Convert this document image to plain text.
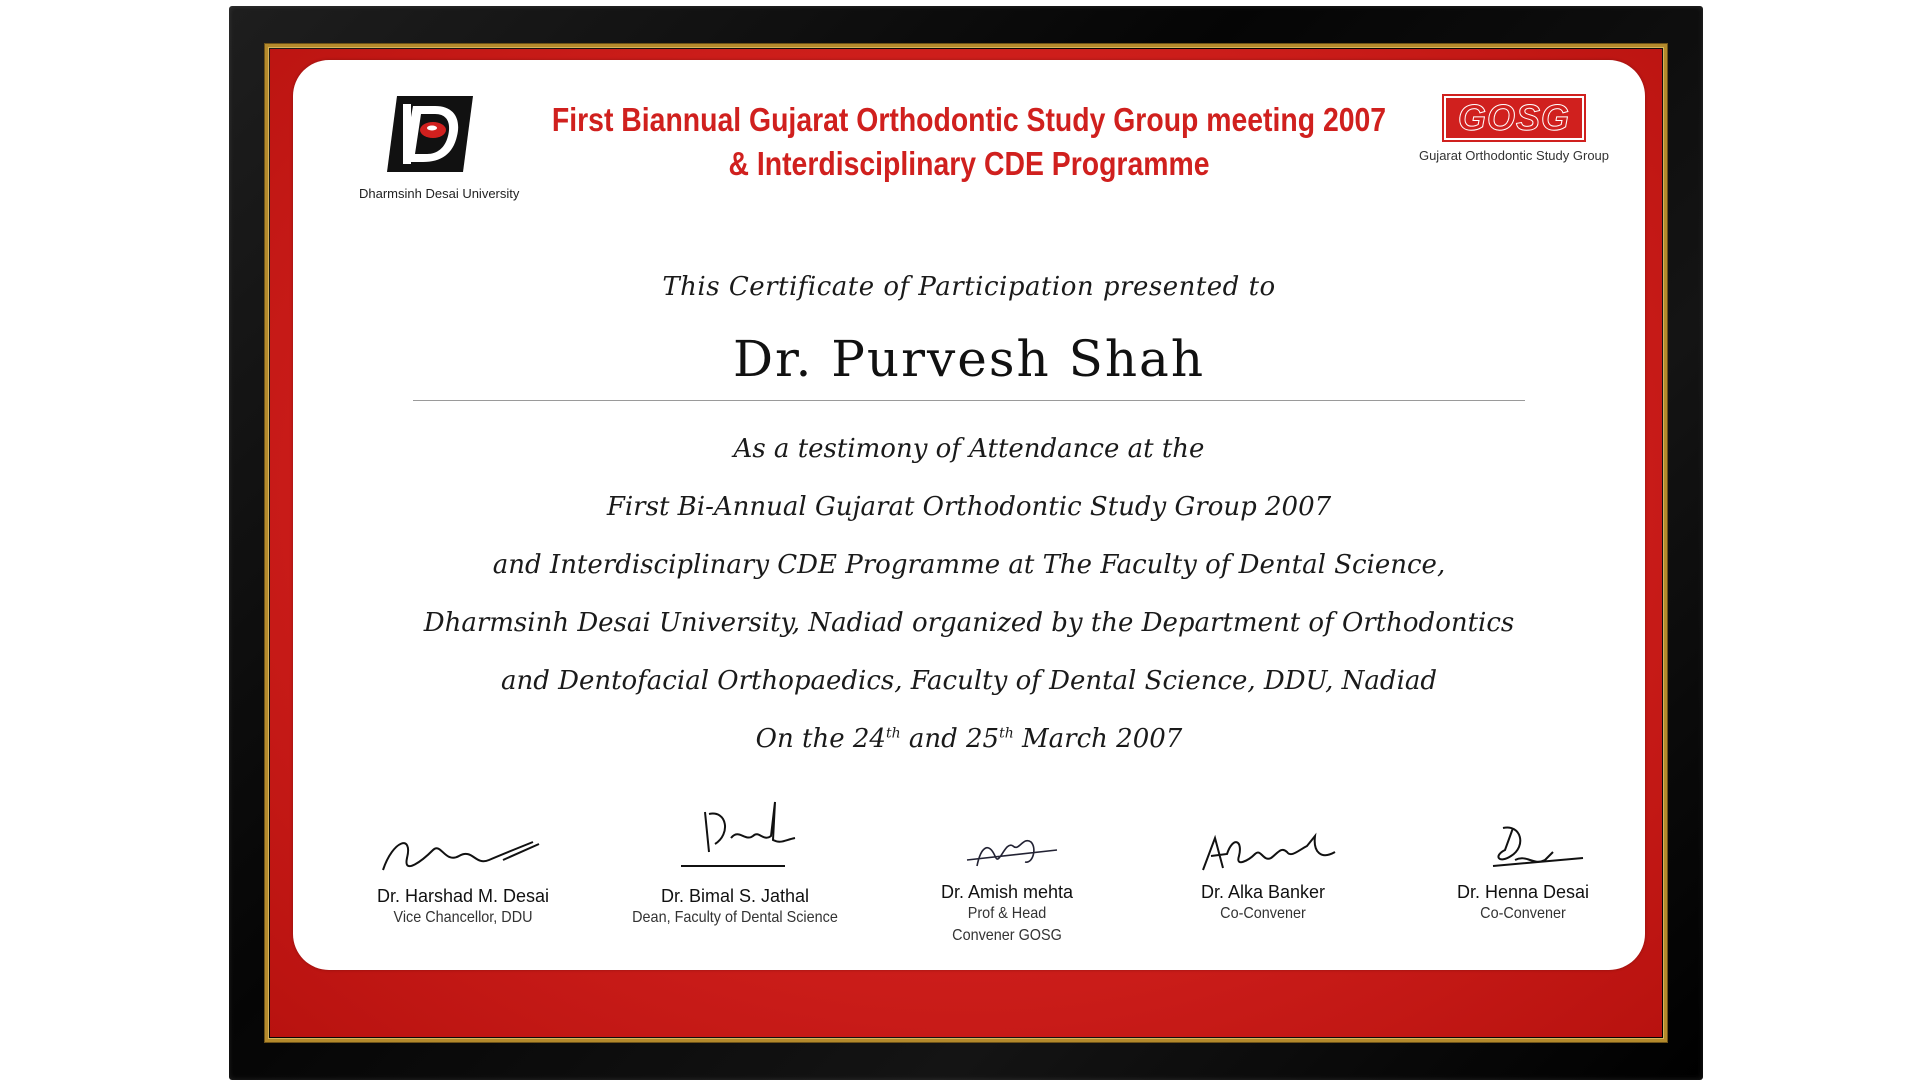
Dharmsinh Desai University
First Biannual Gujarat Orthodontic Study Group meeting 2007
& Interdisciplinary CDE Programme
GOSG
Gujarat Orthodontic Study Group
This Certificate of Participation presented to
Dr. Purvesh Shah
As a testimony of Attendance at the
First Bi-Annual Gujarat Orthodontic Study Group 2007
and Interdisciplinary CDE Programme at The Faculty of Dental Science,
Dharmsinh Desai University, Nadiad organized by the Department of Orthodontics
and Dentofacial Orthopaedics, Faculty of Dental Science, DDU, Nadiad
On the 24th and 25th March 2007
Dr. Harshad M. Desai
Vice Chancellor, DDU
Dr. Bimal S. Jathal
Dean, Faculty of Dental Science
Dr. Amish mehta
Prof & Head
Convener GOSG
Dr. Alka Banker
Co-Convener
Dr. Henna Desai
Co-Convener
